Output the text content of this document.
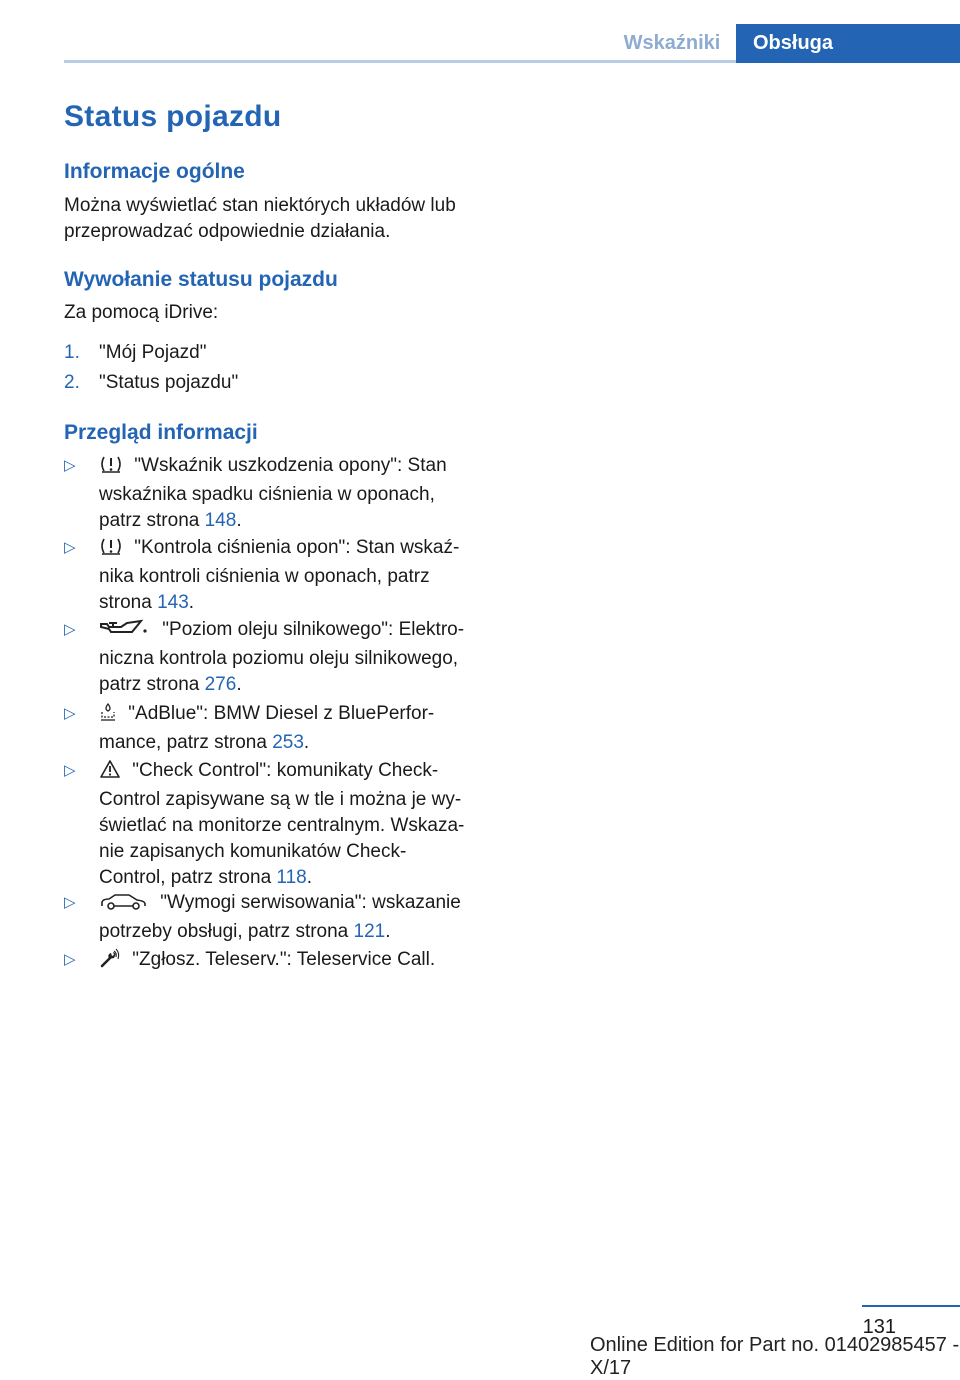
Wskaźniki	Obsługa
Status pojazdu
Informacje ogólne

Można wyświetlać stan niektórych układów lub

przeprowadzać odpowiednie działania.

Wywołanie statusu pojazdu

Za pomocą iDrive:

1. "Mój Pojazd"
2. "Status pojazdu"
Przegląd informacji
▷	"Wskaźnik uszkodzenia opony": Stan
wskaźnika spadku ciśnienia w oponach,
patrz strona 148.
▷	"Kontrola ciśnienia opon": Stan wskaź-
nika kontroli ciśnienia w oponach, patrz
strona 143.
▷	"Poziom oleju silnikowego": Elektro-
niczna kontrola poziomu oleju silnikowego,
patrz strona 276.
▷	"AdBlue": BMW Diesel z BluePerfor-
mance, patrz strona 253.
▷	"Check Control": komunikaty Check-
Control zapisywane są w tle i można je wy-
świetlać na monitorze centralnym. Wskaza-
nie zapisanych komunikatów Check-
Control, patrz strona 118.
▷	"Wymogi serwisowania": wskazanie
potrzeby obsługi, patrz strona 121.
▷	"Zgłosz. Teleserv.": Teleservice Call.
131
Online Edition for Part no. 01402985457 - X/17
